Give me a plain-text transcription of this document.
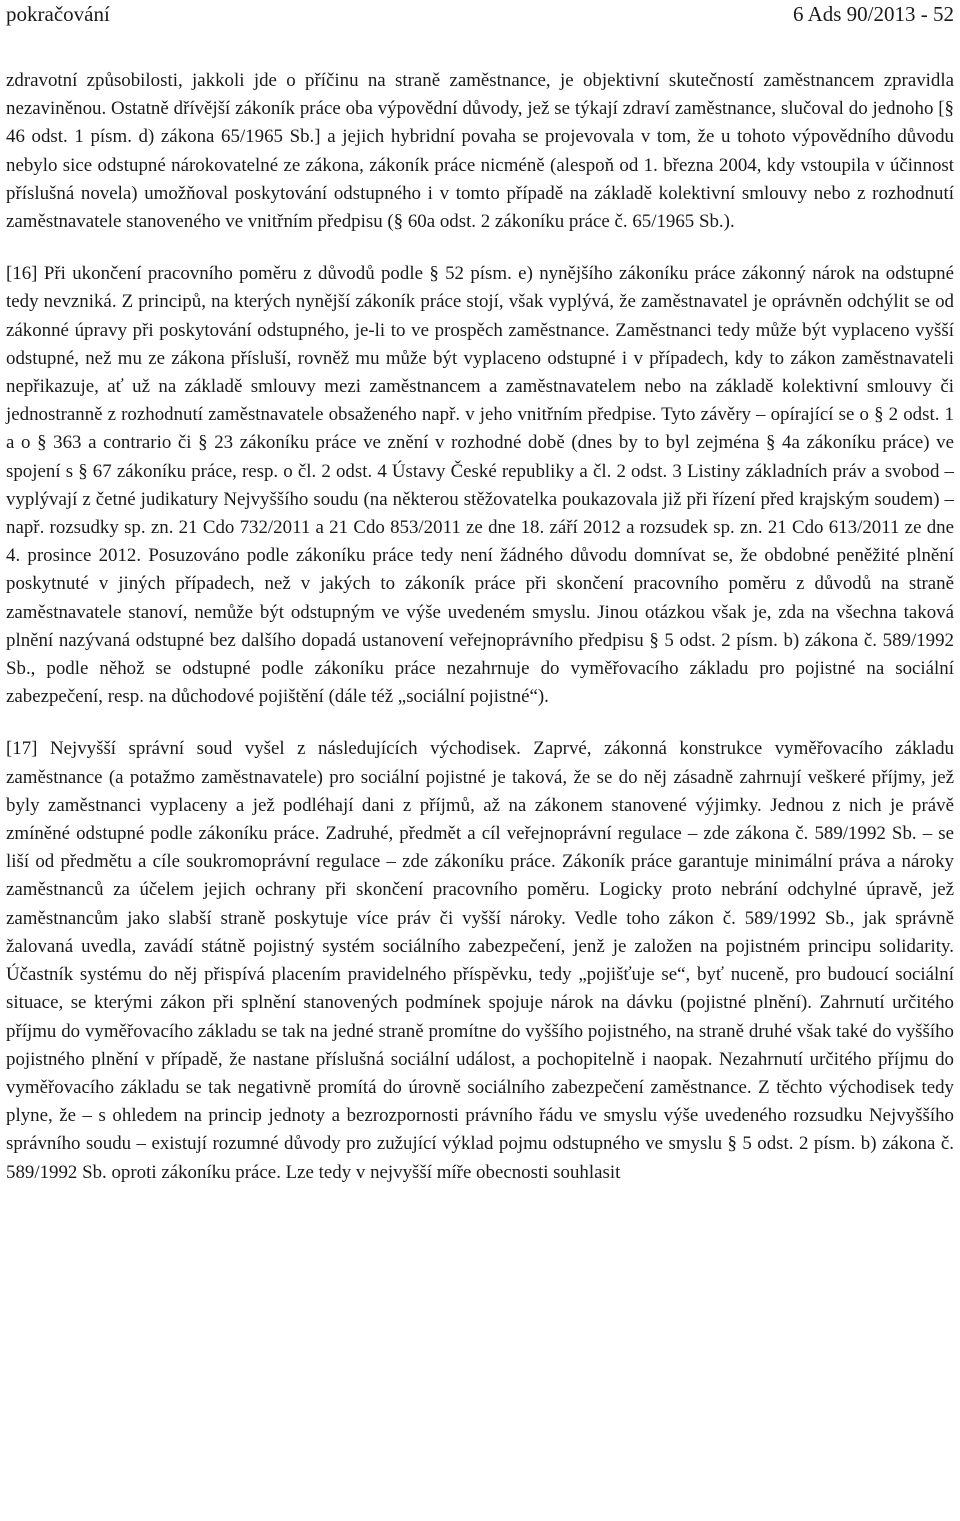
pokračování	6 Ads 90/2013 - 52

zdravotní způsobilosti, jakkoli jde o příčinu na straně zaměstnance, je objektivní skutečností zaměstnancem zpravidla nezaviněnou. Ostatně dřívější zákoník práce oba výpovědní důvody, jež se týkají zdraví zaměstnance, slučoval do jednoho [§ 46 odst. 1 písm. d) zákona 65/1965 Sb.] a jejich hybridní povaha se projevovala v tom, že u tohoto výpovědního důvodu nebylo sice odstupné nárokovatelné ze zákona, zákoník práce nicméně (alespoň od 1. března 2004, kdy vstoupila v účinnost příslušná novela) umožňoval poskytování odstupného i v tomto případě na základě kolektivní smlouvy nebo z rozhodnutí zaměstnavatele stanoveného ve vnitřním předpisu (§ 60a odst. 2 zákoníku práce č. 65/1965 Sb.).

[16] Při ukončení pracovního poměru z důvodů podle § 52 písm. e) nynějšího zákoníku práce zákonný nárok na odstupné tedy nevzniká. Z principů, na kterých nynější zákoník práce stojí, však vyplývá, že zaměstnavatel je oprávněn odchýlit se od zákonné úpravy při poskytování odstupného, je-li to ve prospěch zaměstnance. Zaměstnanci tedy může být vyplaceno vyšší odstupné, než mu ze zákona přísluší, rovněž mu může být vyplaceno odstupné i v případech, kdy to zákon zaměstnavateli nepřikazuje, ať už na základě smlouvy mezi zaměstnancem a zaměstnavatelem nebo na základě kolektivní smlouvy či jednostranně z rozhodnutí zaměstnavatele obsaženého např. v jeho vnitřním předpise. Tyto závěry – opírající se o § 2 odst. 1 a o § 363 a contrario či § 23 zákoníku práce ve znění v rozhodné době (dnes by to byl zejména § 4a zákoníku práce) ve spojení s § 67 zákoníku práce, resp. o čl. 2 odst. 4 Ústavy České republiky a čl. 2 odst. 3 Listiny základních práv a svobod – vyplývají z četné judikatury Nejvyššího soudu (na některou stěžovatelka poukazovala již při řízení před krajským soudem) – např. rozsudky sp. zn. 21 Cdo 732/2011 a 21 Cdo 853/2011 ze dne 18. září 2012 a rozsudek sp. zn. 21 Cdo 613/2011 ze dne 4. prosince 2012. Posuzováno podle zákoníku práce tedy není žádného důvodu domnívat se, že obdobné peněžité plnění poskytnuté v jiných případech, než v jakých to zákoník práce při skončení pracovního poměru z důvodů na straně zaměstnavatele stanoví, nemůže být odstupným ve výše uvedeném smyslu. Jinou otázkou však je, zda na všechna taková plnění nazývaná odstupné bez dalšího dopadá ustanovení veřejnoprávního předpisu § 5 odst. 2 písm. b) zákona č. 589/1992 Sb., podle něhož se odstupné podle zákoníku práce nezahrnuje do vyměřovacího základu pro pojistné na sociální zabezpečení, resp. na důchodové pojištění (dále též „sociální pojistné“).

[17] Nejvyšší správní soud vyšel z následujících východisek. Zaprvé, zákonná konstrukce vyměřovacího základu zaměstnance (a potažmo zaměstnavatele) pro sociální pojistné je taková, že se do něj zásadně zahrnují veškeré příjmy, jež byly zaměstnanci vyplaceny a jež podléhají dani z příjmů, až na zákonem stanovené výjimky. Jednou z nich je právě zmíněné odstupné podle zákoníku práce. Zadruhé, předmět a cíl veřejnoprávní regulace – zde zákona č. 589/1992 Sb. – se liší od předmětu a cíle soukromoprávní regulace – zde zákoníku práce. Zákoník práce garantuje minimální práva a nároky zaměstnanců za účelem jejich ochrany při skončení pracovního poměru. Logicky proto nebrání odchylné úpravě, jež zaměstnancům jako slabší straně poskytuje více práv či vyšší nároky. Vedle toho zákon č. 589/1992 Sb., jak správně žalovaná uvedla, zavádí státně pojistný systém sociálního zabezpečení, jenž je založen na pojistném principu solidarity. Účastník systému do něj přispívá placením pravidelného příspěvku, tedy „pojišťuje se“, byť nuceně, pro budoucí sociální situace, se kterými zákon při splnění stanovených podmínek spojuje nárok na dávku (pojistné plnění). Zahrnutí určitého příjmu do vyměřovacího základu se tak na jedné straně promítne do vyššího pojistného, na straně druhé však také do vyššího pojistného plnění v případě, že nastane příslušná sociální událost, a pochopitelně i naopak. Nezahrnutí určitého příjmu do vyměřovacího základu se tak negativně promítá do úrovně sociálního zabezpečení zaměstnance. Z těchto východisek tedy plyne, že – s ohledem na princip jednoty a bezrozpornosti právního řádu ve smyslu výše uvedeného rozsudku Nejvyššího správního soudu – existují rozumné důvody pro zužující výklad pojmu odstupného ve smyslu § 5 odst. 2 písm. b) zákona č. 589/1992 Sb. oproti zákoníku práce. Lze tedy v nejvyšší míře obecnosti souhlasit
